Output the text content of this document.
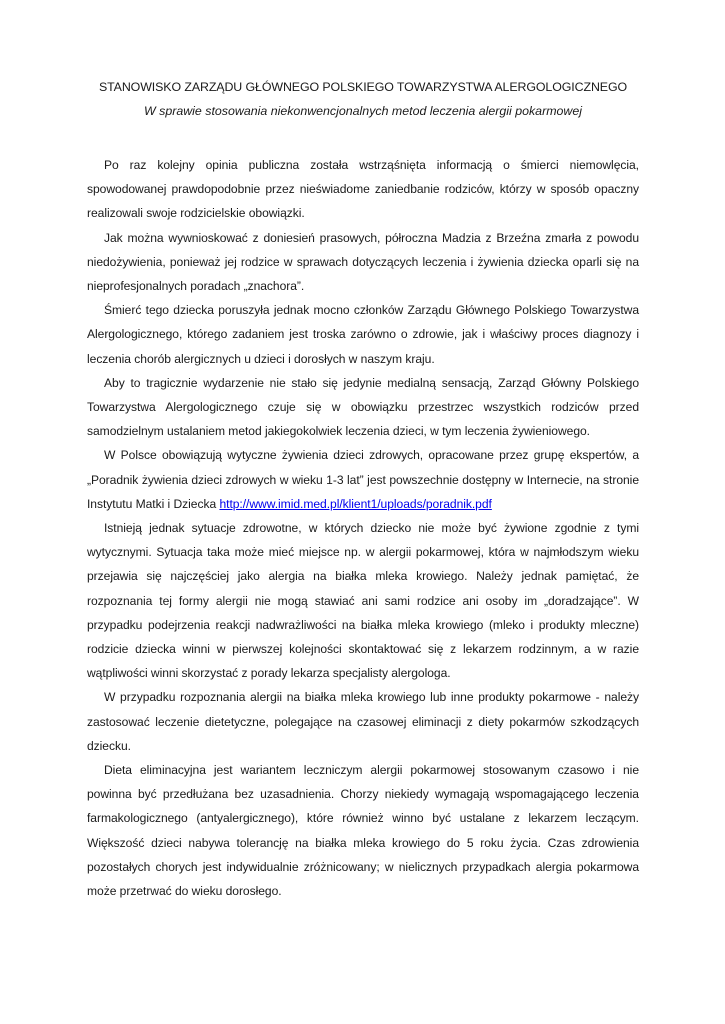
STANOWISKO ZARZĄDU GŁÓWNEGO POLSKIEGO TOWARZYSTWA ALERGOLOGICZNEGO

W sprawie stosowania niekonwencjonalnych metod leczenia alergii pokarmowej

Po raz kolejny opinia publiczna została wstrząśnięta informacją o śmierci niemowlęcia, spowodowanej prawdopodobnie przez nieświadome zaniedbanie rodziców, którzy w sposób opaczny realizowali swoje rodzicielskie obowiązki.

Jak można wywnioskować z doniesień prasowych, półroczna Madzia z Brzeźna zmarła z powodu niedożywienia, ponieważ jej rodzice w sprawach dotyczących leczenia i żywienia dziecka oparli się na nieprofesjonalnych poradach „znachora”.

Śmierć tego dziecka poruszyła jednak mocno członków Zarządu Głównego Polskiego Towarzystwa Alergologicznego, którego zadaniem jest troska zarówno o zdrowie, jak i właściwy proces diagnozy i leczenia chorób alergicznych u dzieci i dorosłych w naszym kraju.

Aby to tragicznie wydarzenie nie stało się jedynie medialną sensacją, Zarząd Główny Polskiego Towarzystwa Alergologicznego czuje się w obowiązku przestrzec wszystkich rodziców przed samodzielnym ustalaniem metod jakiegokolwiek leczenia dzieci, w tym leczenia żywieniowego.

W Polsce obowiązują wytyczne żywienia dzieci zdrowych, opracowane przez grupę ekspertów, a „Poradnik żywienia dzieci zdrowych w wieku 1-3 lat” jest powszechnie dostępny w Internecie, na stronie Instytutu Matki i Dziecka http://www.imid.med.pl/klient1/uploads/poradnik.pdf

Istnieją jednak sytuacje zdrowotne, w których dziecko nie może być żywione zgodnie z tymi wytycznymi. Sytuacja taka może mieć miejsce np. w alergii pokarmowej, która w najmłodszym wieku przejawia się najczęściej jako alergia na białka mleka krowiego. Należy jednak pamiętać, że rozpoznania tej formy alergii nie mogą stawiać ani sami rodzice ani osoby im „doradzające”. W przypadku podejrzenia reakcji nadwrażliwości na białka mleka krowiego (mleko i produkty mleczne) rodzicie dziecka winni w pierwszej kolejności skontaktować się z lekarzem rodzinnym, a w razie wątpliwości winni skorzystać z porady lekarza specjalisty alergologa.

W przypadku rozpoznania alergii na białka mleka krowiego lub inne produkty pokarmowe - należy zastosować leczenie dietetyczne, polegające na czasowej eliminacji z diety pokarmów szkodzących dziecku.

Dieta eliminacyjna jest wariantem leczniczym alergii pokarmowej stosowanym czasowo i nie powinna być przedłużana bez uzasadnienia. Chorzy niekiedy wymagają wspomagającego leczenia farmakologicznego (antyalergicznego), które również winno być ustalane z lekarzem leczącym. Większość dzieci nabywa tolerancję na białka mleka krowiego do 5 roku życia. Czas zdrowienia pozostałych chorych jest indywidualnie zróżnicowany; w nielicznych przypadkach alergia pokarmowa może przetrwać do wieku dorosłego.
